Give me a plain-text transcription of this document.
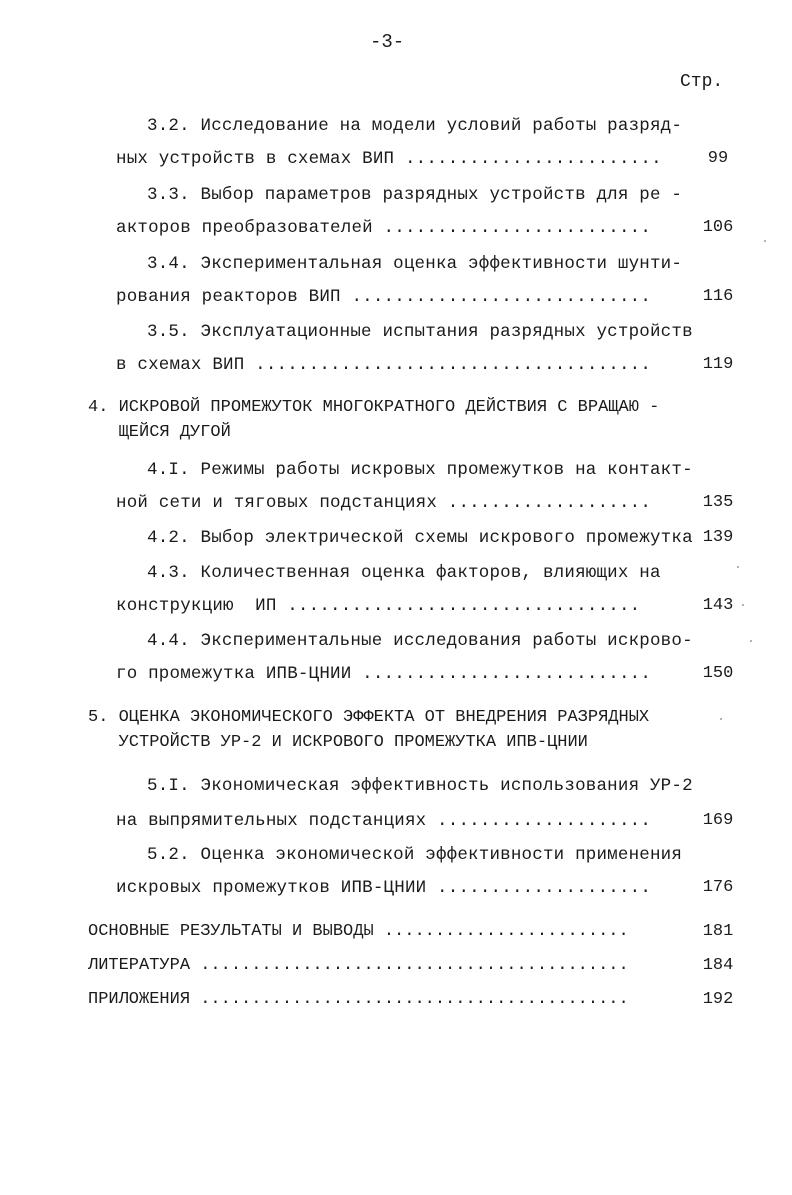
-3-
Стр.
3.2. Исследование на модели условий работы разряд-
ных устройств в схемах ВИП ........................	99
3.3. Выбор параметров разрядных устройств для ре -
акторов преобразователей .........................	106
3.4. Экспериментальная оценка эффективности шунти-
рования реакторов ВИП ............................	116
3.5. Эксплуатационные испытания разрядных устройств
в схемах ВИП .....................................	119
4. ИСКРОВОЙ ПРОМЕЖУТОК МНОГОКРАТНОГО ДЕЙСТВИЯ С ВРАЩАЮ -
ЩЕЙСЯ ДУГОЙ
4.I. Режимы работы искровых промежутков на контакт-
ной сети и тяговых подстанциях ...................	135
4.2. Выбор электрической схемы искрового промежутка 139
4.3. Количественная оценка факторов, влияющих на
конструкцию  ИП .................................	143
4.4. Экспериментальные исследования работы искрово-
го промежутка ИПВ-ЦНИИ ...........................	150
5. ОЦЕНКА ЭКОНОМИЧЕСКОГО ЭФФЕКТА ОТ ВНЕДРЕНИЯ РАЗРЯДНЫХ
УСТРОЙСТВ УР-2 И ИСКРОВОГО ПРОМЕЖУТКА ИПВ-ЦНИИ
5.I. Экономическая эффективность использования УР-2
на выпрямительных подстанциях ....................	169
5.2. Оценка экономической эффективности применения
искровых промежутков ИПВ-ЦНИИ ....................	176
ОСНОВНЫЕ РЕЗУЛЬТАТЫ И ВЫВОДЫ ........................	181
ЛИТЕРАТУРА ..........................................	184
ПРИЛОЖЕНИЯ ..........................................	192
